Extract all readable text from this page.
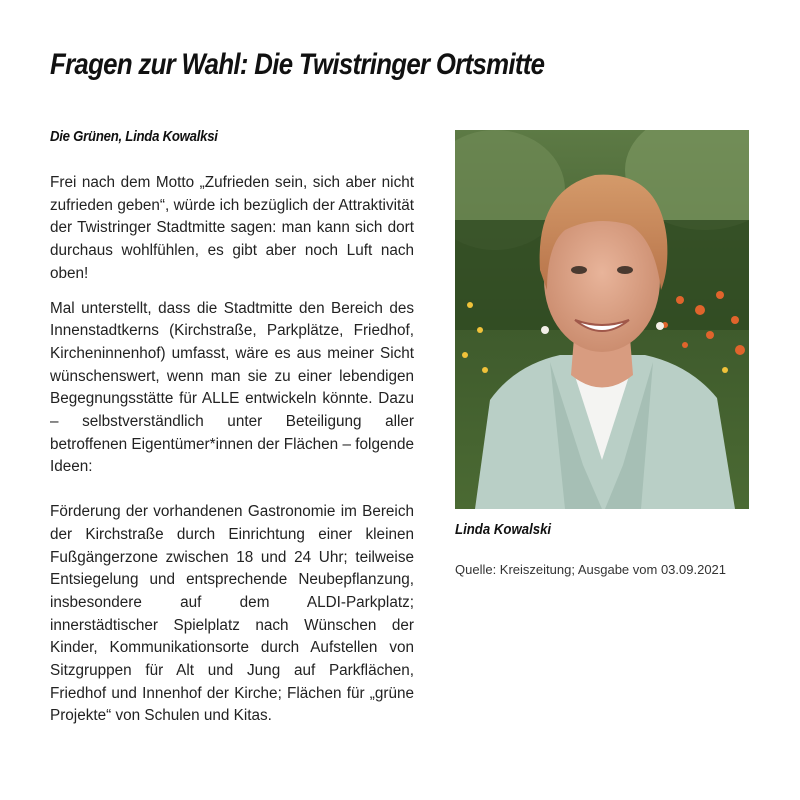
Fragen zur Wahl: Die Twistringer Ortsmitte
Die Grünen, Linda Kowalksi

Frei nach dem Motto „Zufrieden sein, sich aber nicht zufrieden geben“, würde ich bezüglich der Attraktivität der Twistringer Stadtmitte sagen: man kann sich dort durchaus wohlfühlen, es gibt aber noch Luft nach oben!

Mal unterstellt, dass die Stadtmitte den Bereich des Innenstadtkerns (Kirchstraße, Parkplätze, Friedhof, Kircheninnenhof) umfasst, wäre es aus meiner Sicht wünschenswert, wenn man sie zu einer lebendigen Begegnungsstätte für ALLE entwickeln könnte. Dazu – selbstverständlich unter Beteiligung aller betroffenen Eigentümer*innen der Flächen – folgende Ideen:

Förderung der vorhandenen Gastronomie im Bereich der Kirchstraße durch Einrichtung einer kleinen Fußgängerzone zwischen 18 und 24 Uhr; teilweise Entsiegelung und entsprechende Neubepflanzung, insbesondere auf dem ALDI-Parkplatz; innerstädtischer Spielplatz nach Wünschen der Kinder, Kommunikationsorte durch Aufstellen von Sitzgruppen für Alt und Jung auf Parkflächen, Friedhof und Innenhof der Kirche; Flächen für „grüne Projekte“ von Schulen und Kitas.

Linda Kowalski
Quelle: Kreiszeitung; Ausgabe vom 03.09.2021
